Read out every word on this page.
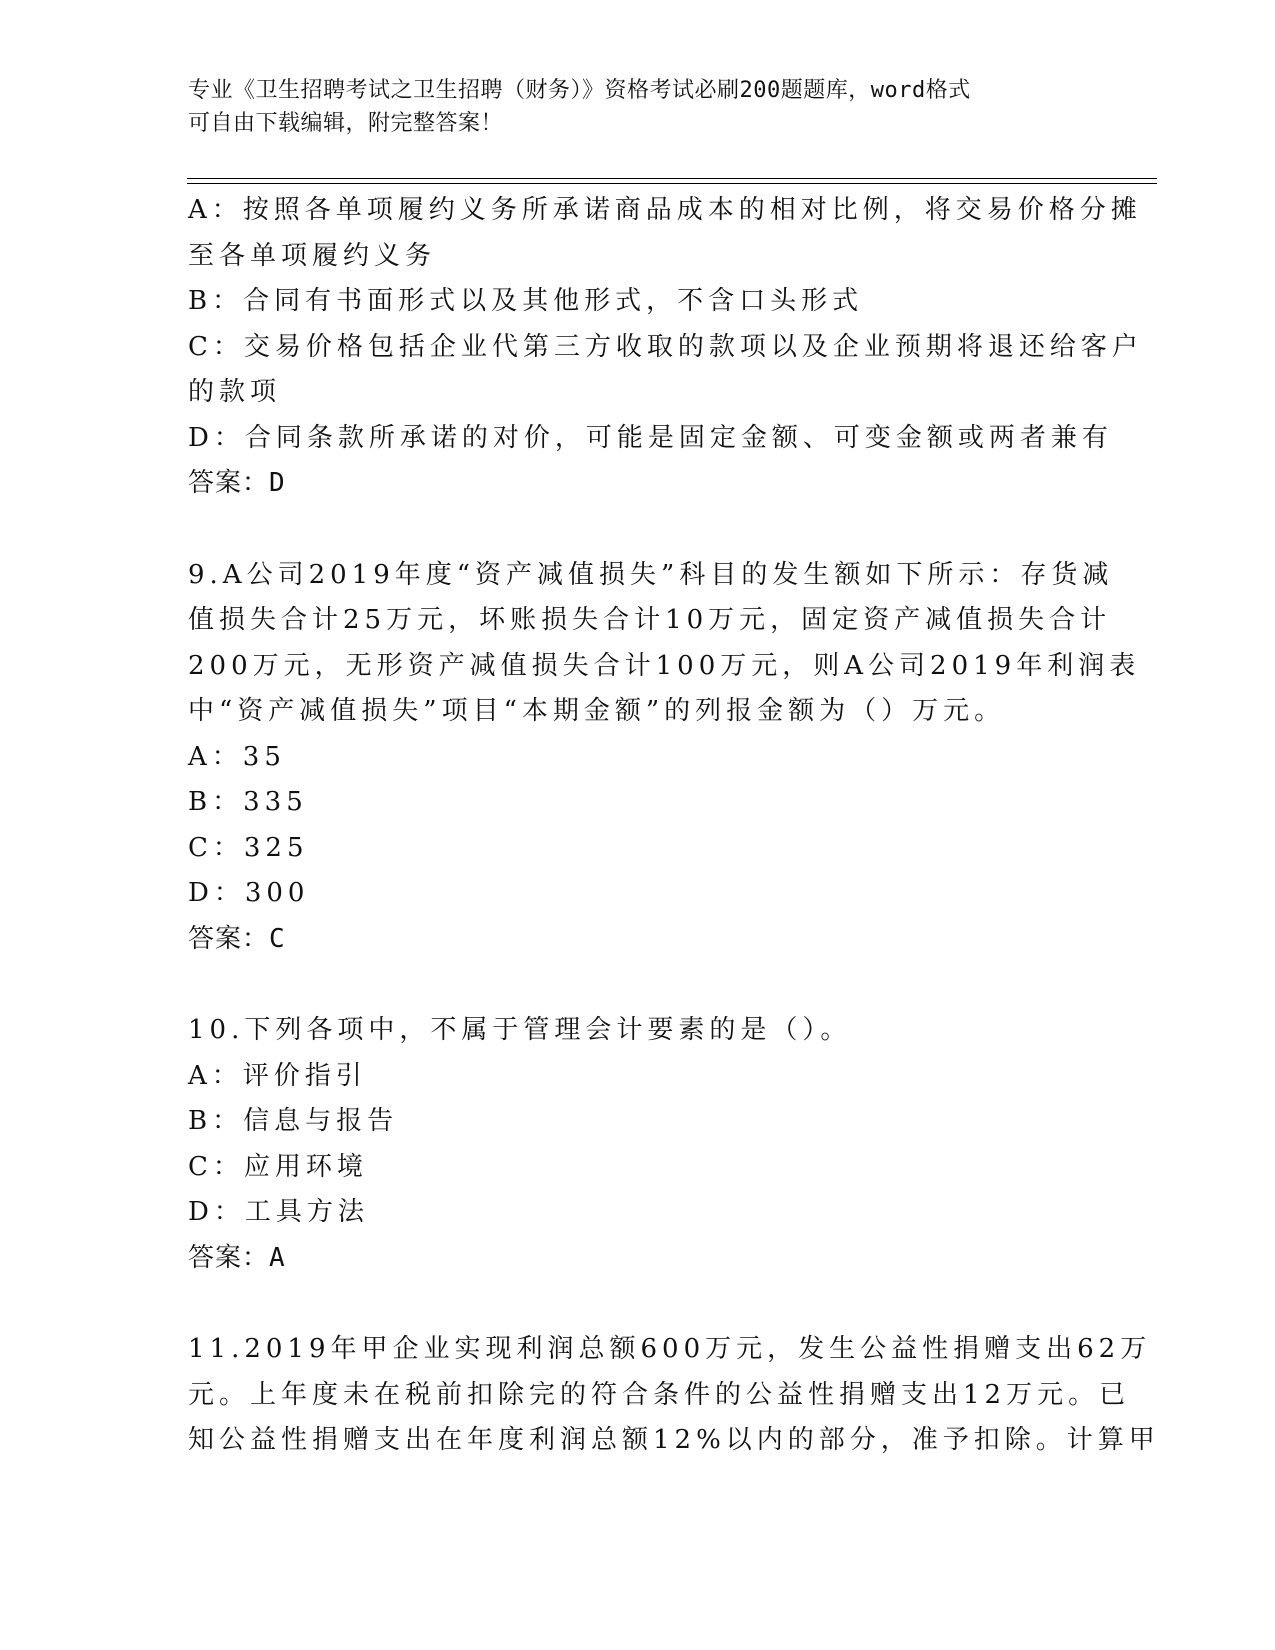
专业《卫生招聘考试之卫生招聘（财务）》资格考试必刷200题题库，word格式
可自由下载编辑，附完整答案！
A：按照各单项履约义务所承诺商品成本的相对比例，将交易价格分摊
至各单项履约义务
B：合同有书面形式以及其他形式，不含口头形式
C：交易价格包括企业代第三方收取的款项以及企业预期将退还给客户
的款项
D：合同条款所承诺的对价，可能是固定金额、可变金额或两者兼有
答案：D
9.A公司2019年度“资产减值损失”科目的发生额如下所示：存货减
值损失合计25万元，坏账损失合计10万元，固定资产减值损失合计
200万元，无形资产减值损失合计100万元，则A公司2019年利润表
中“资产减值损失”项目“本期金额”的列报金额为（）万元。
A：35
B：335
C：325
D：300
答案：C
10.下列各项中，不属于管理会计要素的是（）。
A：评价指引
B：信息与报告
C：应用环境
D：工具方法
答案：A
11.2019年甲企业实现利润总额600万元，发生公益性捐赠支出62万
元。上年度未在税前扣除完的符合条件的公益性捐赠支出12万元。已
知公益性捐赠支出在年度利润总额12%以内的部分，准予扣除。计算甲
